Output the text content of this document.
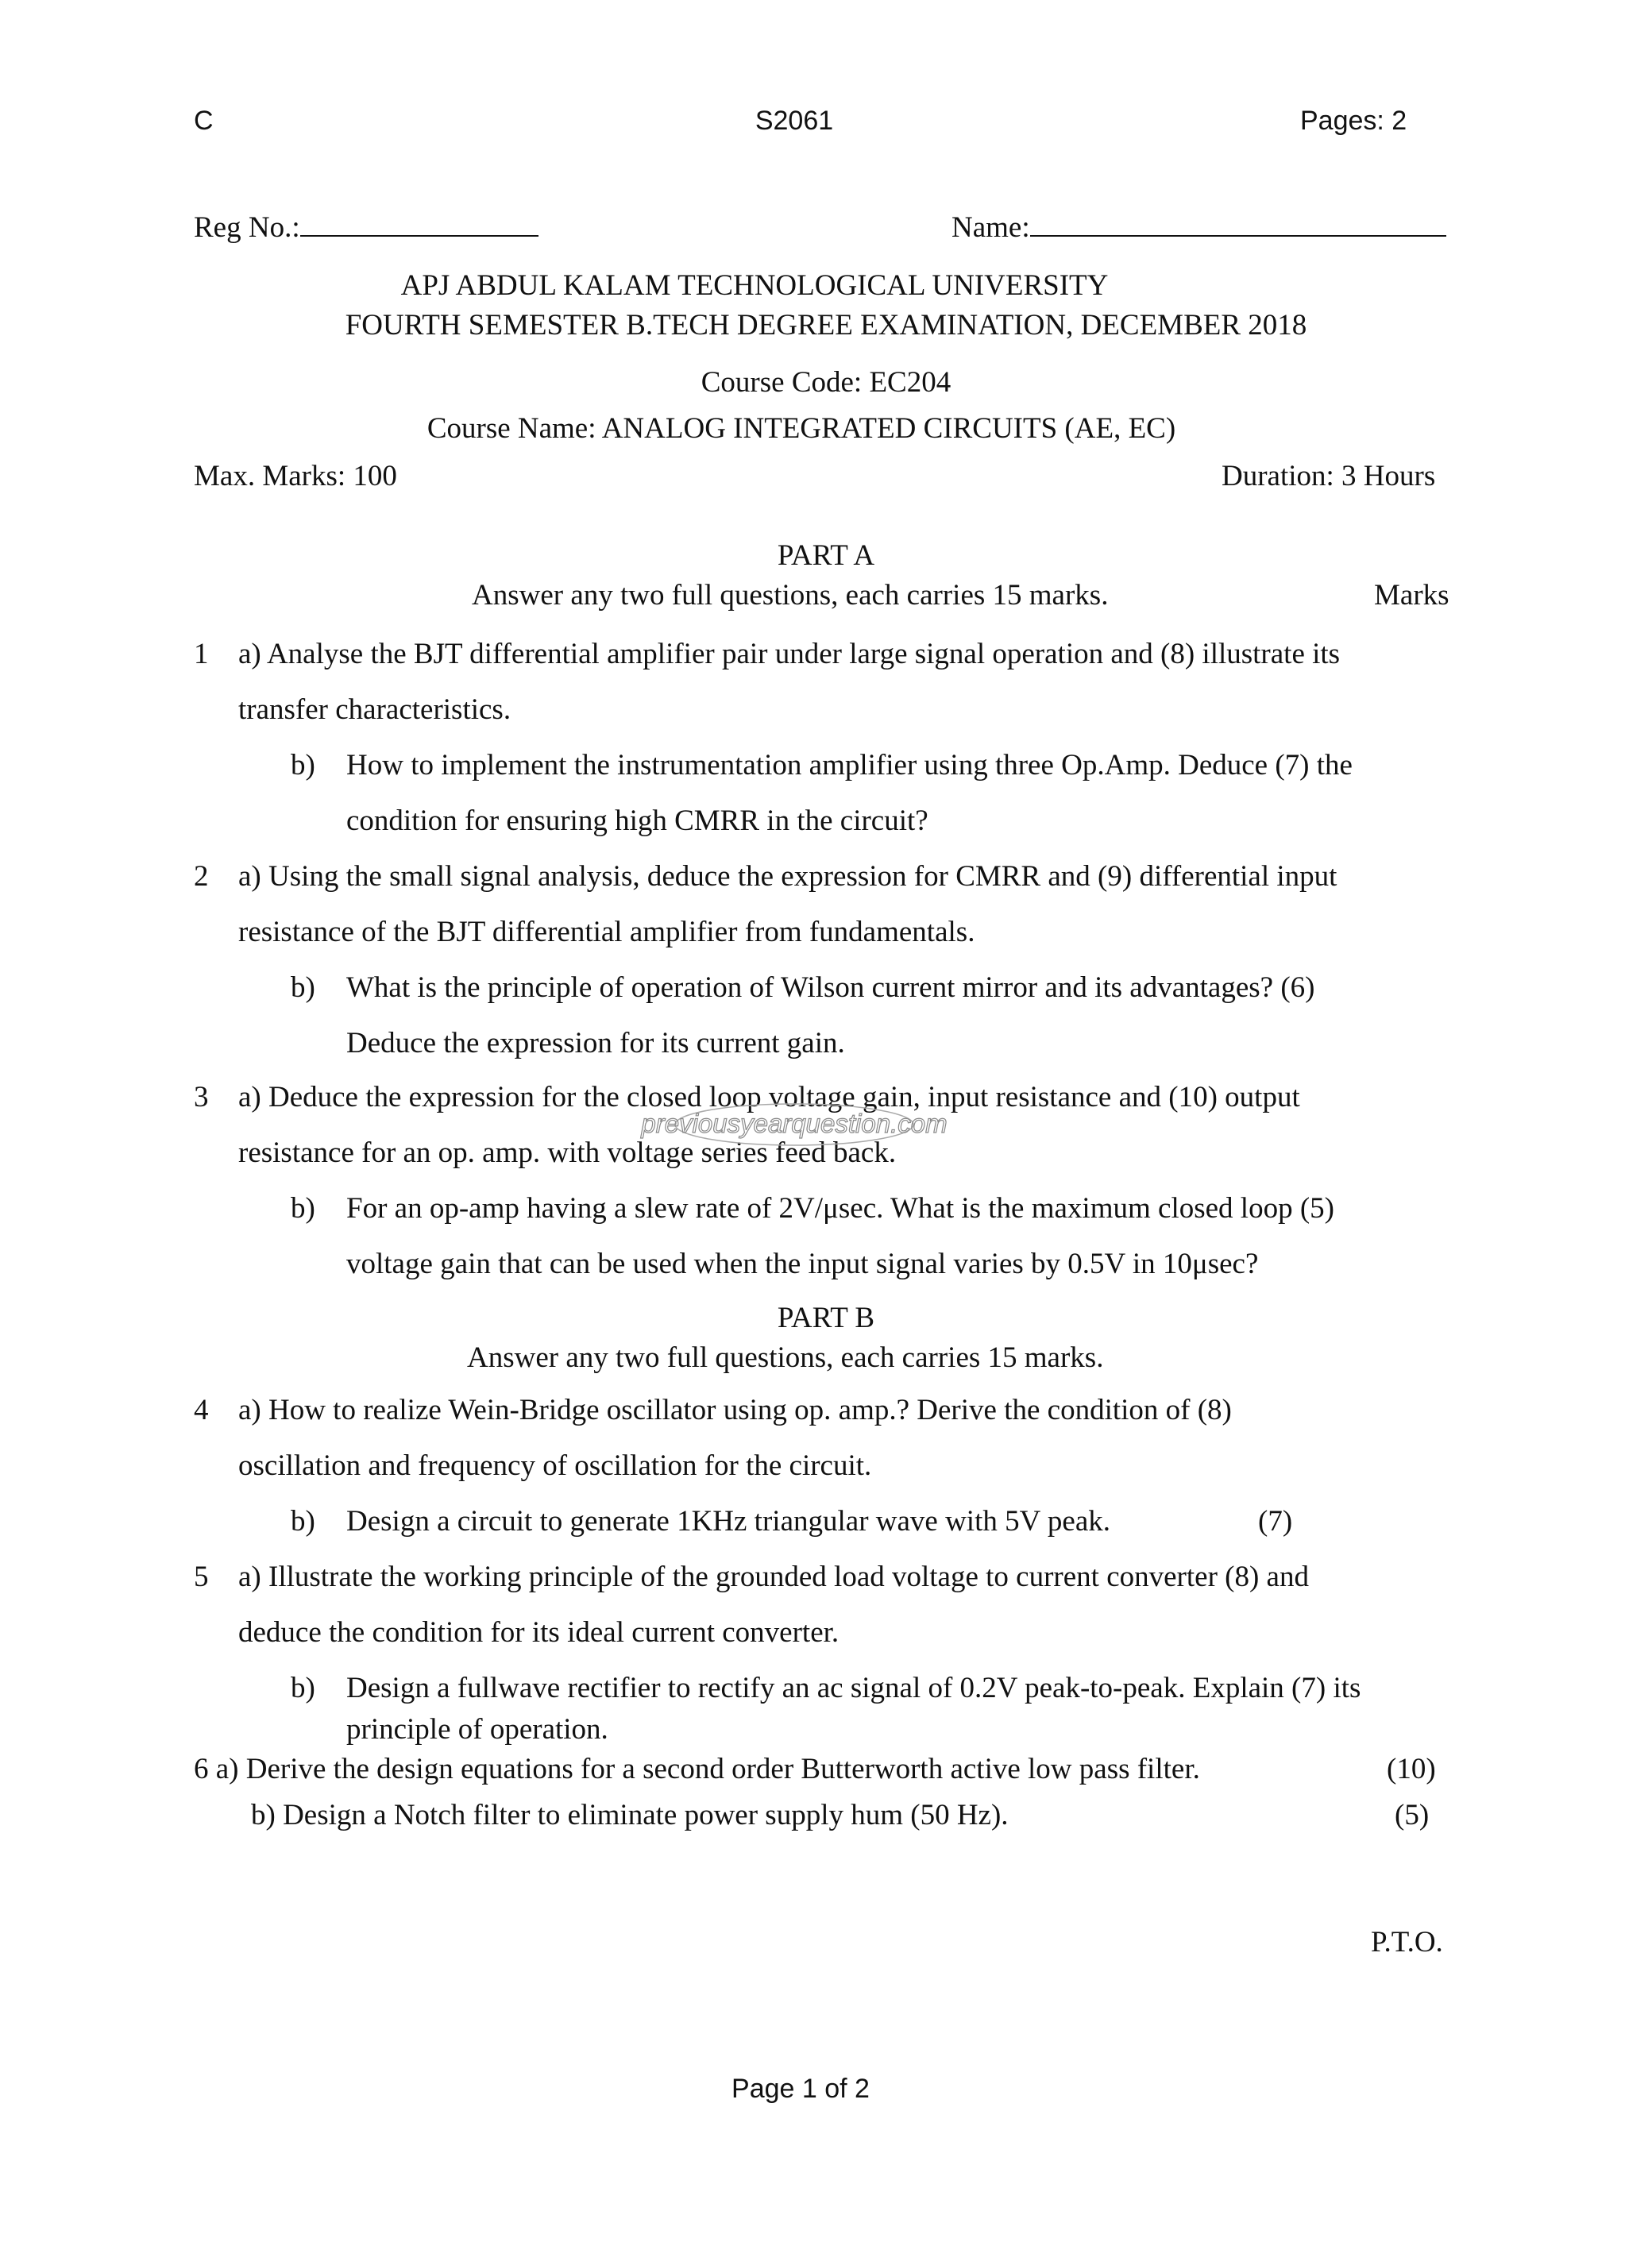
C	S2061	Pages: 2
Reg No.:	Name:
APJ ABDUL KALAM TECHNOLOGICAL UNIVERSITY
FOURTH SEMESTER B.TECH DEGREE EXAMINATION, DECEMBER 2018
Course Code: EC204
Course Name: ANALOG INTEGRATED CIRCUITS (AE, EC)
Max. Marks: 100	Duration: 3 Hours
PART A
Answer any two full questions, each carries 15 marks.	Marks
1 a) Analyse the BJT differential amplifier pair under large signal operation and (8) illustrate its
transfer characteristics.
b) How to implement the instrumentation amplifier using three Op.Amp. Deduce (7) the
condition for ensuring high CMRR in the circuit?
2 a) Using the small signal analysis, deduce the expression for CMRR and (9) differential input
resistance of the BJT differential amplifier from fundamentals.
b) What is the principle of operation of Wilson current mirror and its advantages? (6)
Deduce the expression for its current gain.
3 a) Deduce the expression for the closed loop voltage gain, input resistance and (10) output
resistance for an op. amp. with voltage series feed back.
b) For an op-amp having a slew rate of 2V/μsec. What is the maximum closed loop (5)
voltage gain that can be used when the input signal varies by 0.5V in 10μsec?
previousyearquestion.com
PART B
Answer any two full questions, each carries 15 marks.
4 a) How to realize Wein-Bridge oscillator using op. amp.? Derive the condition of (8)
oscillation and frequency of oscillation for the circuit.
b) Design a circuit to generate 1KHz triangular wave with 5V peak.	(7)
5 a) Illustrate the working principle of the grounded load voltage to current converter (8) and
deduce the condition for its ideal current converter.
b) Design a fullwave rectifier to rectify an ac signal of 0.2V peak-to-peak. Explain (7) its
principle of operation.
6 a) Derive the design equations for a second order Butterworth active low pass filter.	(10)
b) Design a Notch filter to eliminate power supply hum (50 Hz).	(5)
P.T.O.
Page 1 of 2
